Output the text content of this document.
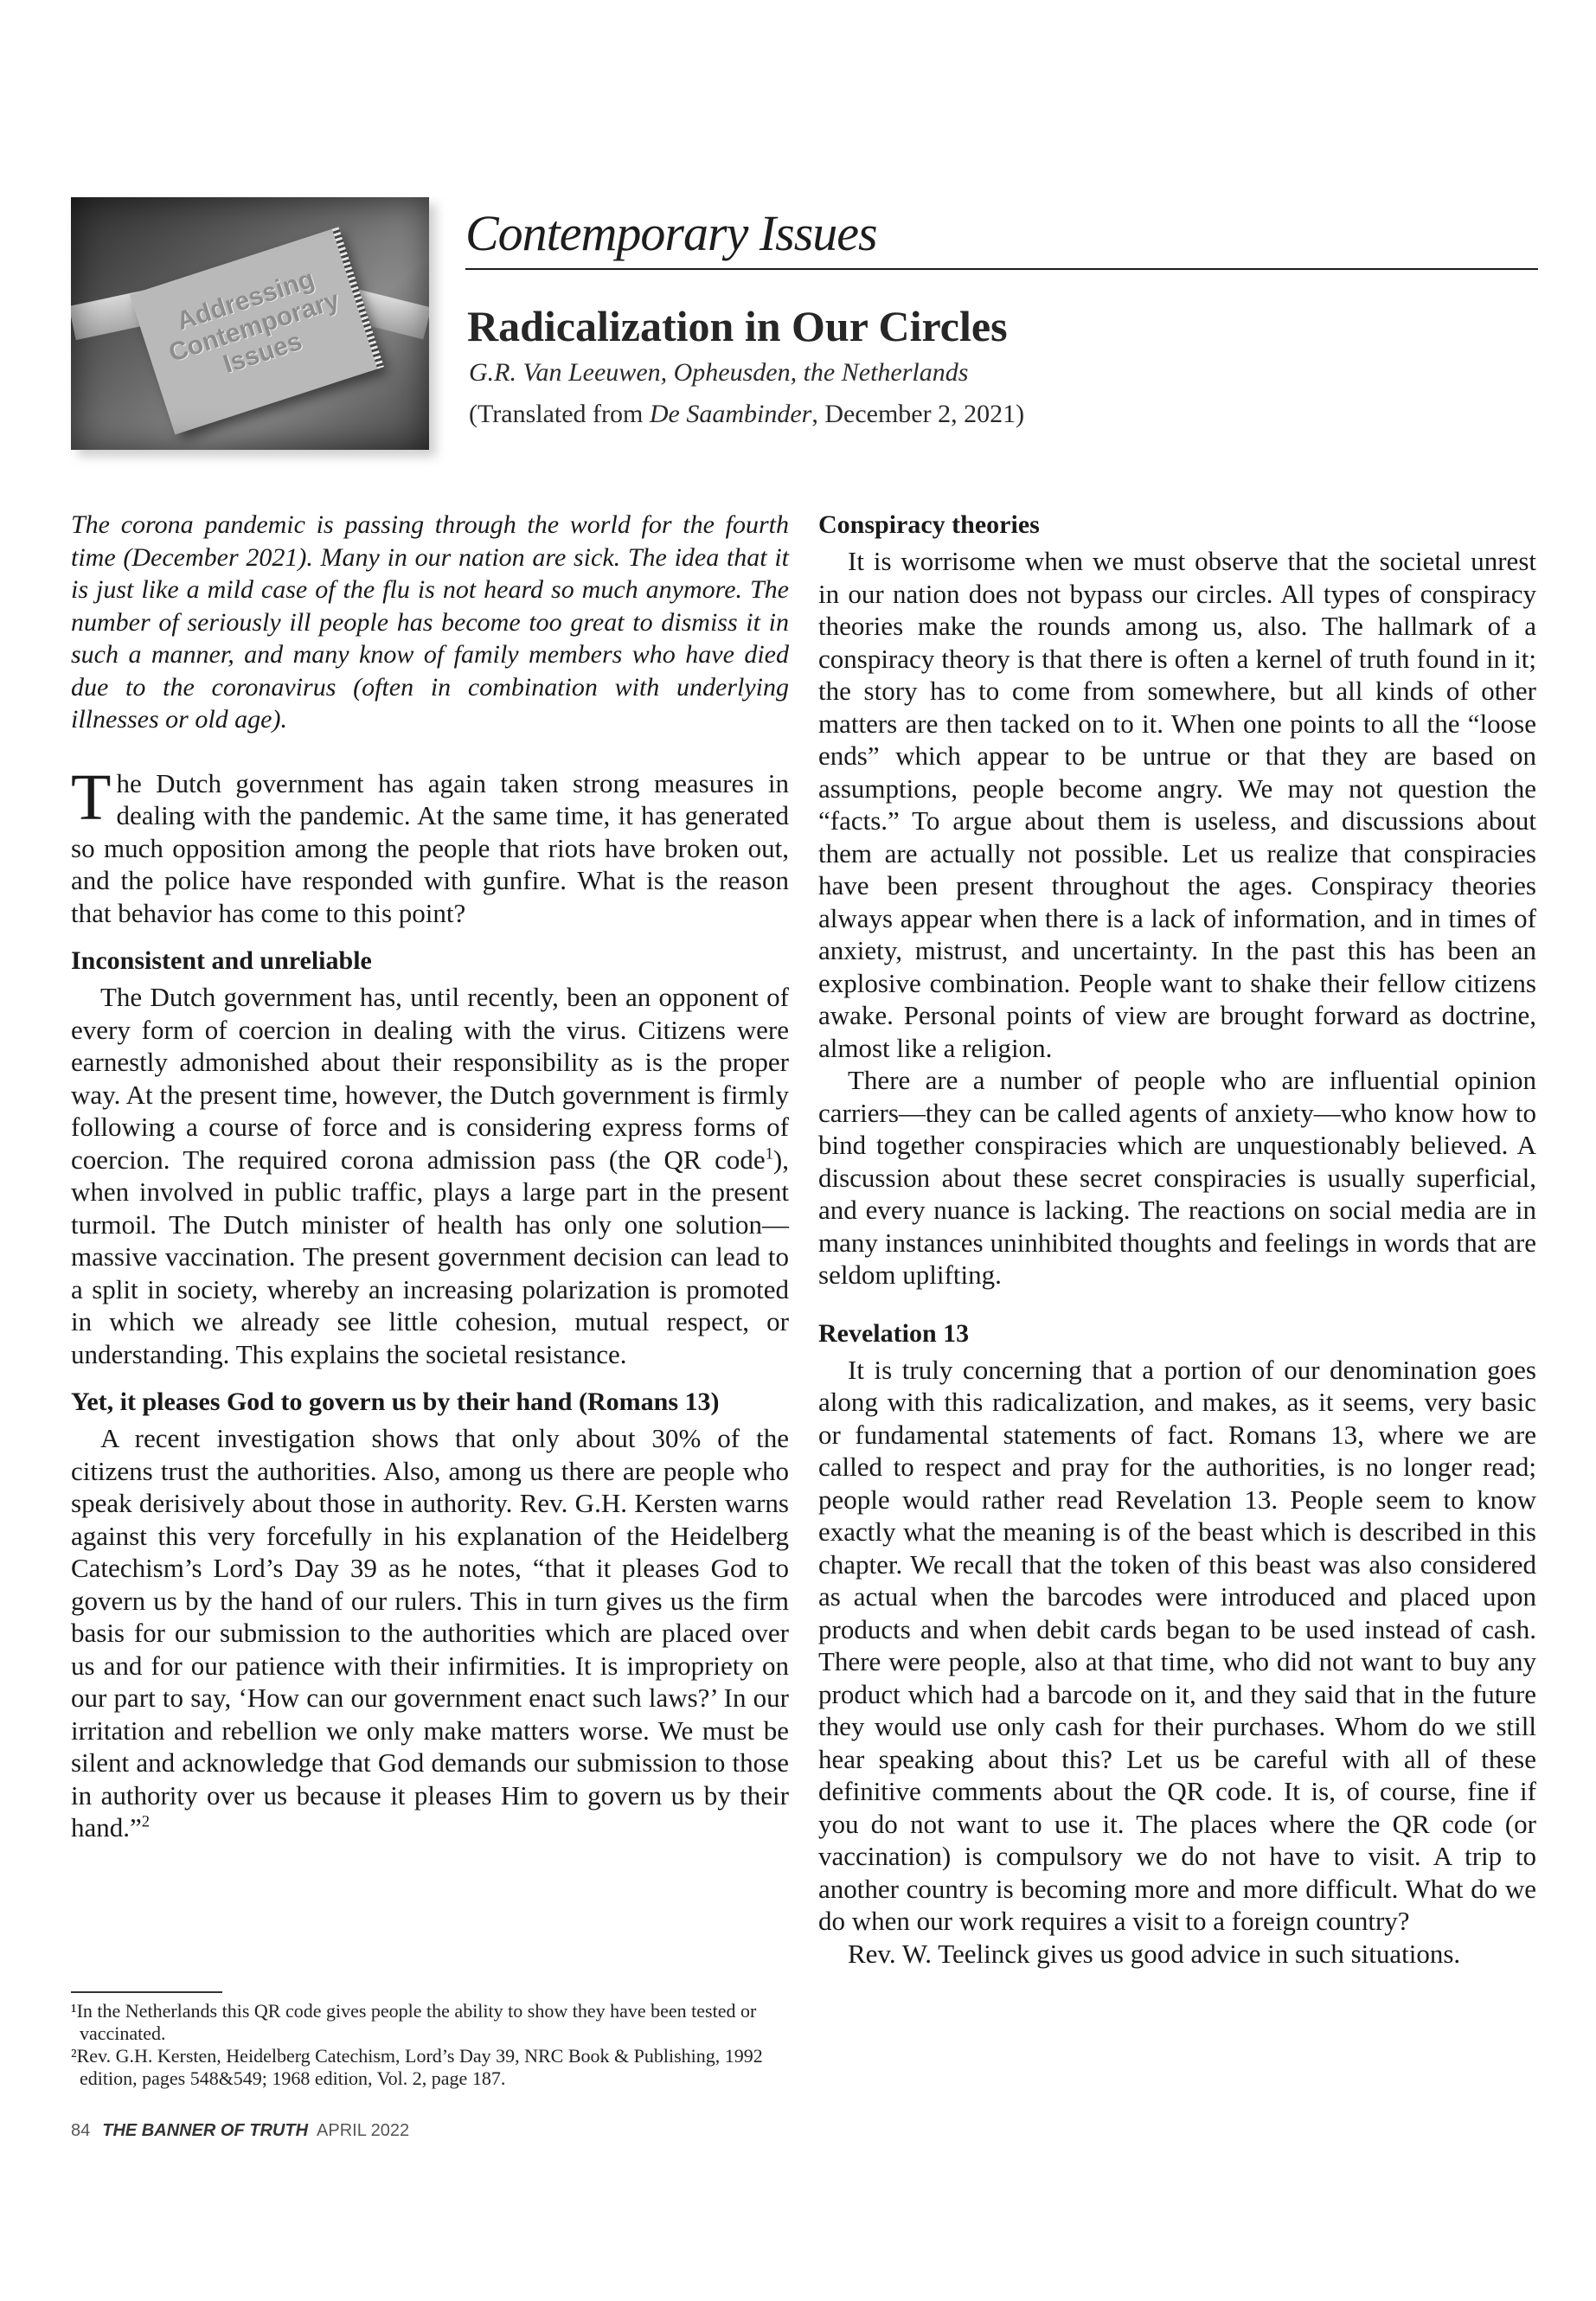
Addressing Contemporary Issues
Contemporary Issues
Radicalization in Our Circles
G.R. Van Leeuwen, Opheusden, the Netherlands
(Translated from De Saambinder, December 2, 2021)

The corona pandemic is passing through the world for the fourth time (December 2021). Many in our nation are sick. The idea that it is just like a mild case of the flu is not heard so much anymore. The number of seriously ill people has become too great to dismiss it in such a manner, and many know of family members who have died due to the coronavirus (often in combination with underlying illnesses or old age).

The Dutch government has again taken strong measures in dealing with the pandemic. At the same time, it has generated so much opposition among the people that riots have broken out, and the police have responded with gunfire. What is the reason that behavior has come to this point?

Inconsistent and unreliable

The Dutch government has, until recently, been an opponent of every form of coercion in dealing with the virus. Citizens were earnestly admonished about their responsibility as is the proper way. At the present time, however, the Dutch government is firmly following a course of force and is considering express forms of coercion. The required corona admission pass (the QR code$^1$), when involved in public traffic, plays a large part in the present turmoil. The Dutch minister of health has only one solution—massive vaccination. The present government decision can lead to a split in society, whereby an increasing polarization is promoted in which we already see little cohesion, mutual respect, or understanding. This explains the societal resistance.

Yet, it pleases God to govern us by their hand (Romans 13)

A recent investigation shows that only about 30% of the citizens trust the authorities. Also, among us there are people who speak derisively about those in authority. Rev. G.H. Kersten warns against this very forcefully in his explanation of the Heidelberg Catechism’s Lord’s Day 39 as he notes, “that it pleases God to govern us by the hand of our rulers. This in turn gives us the firm basis for our submission to the authorities which are placed over us and for our patience with their infirmities. It is impropriety on our part to say, ‘How can our government enact such laws?’ In our irritation and rebellion we only make matters worse. We must be silent and acknowledge that God demands our submission to those in authority over us because it pleases Him to govern us by their hand.”$^2$

¹In the Netherlands this QR code gives people the ability to show they have been tested or vaccinated.

²Rev. G.H. Kersten, Heidelberg Catechism, Lord’s Day 39, NRC Book & Publishing, 1992 edition, pages 548&549; 1968 edition, Vol. 2, page 187.

Conspiracy theories

It is worrisome when we must observe that the societal unrest in our nation does not bypass our circles. All types of conspiracy theories make the rounds among us, also. The hallmark of a conspiracy theory is that there is often a kernel of truth found in it; the story has to come from somewhere, but all kinds of other matters are then tacked on to it. When one points to all the “loose ends” which appear to be untrue or that they are based on assumptions, people become angry. We may not question the “facts.” To argue about them is useless, and discussions about them are actually not possible. Let us realize that conspiracies have been present throughout the ages. Conspiracy theories always appear when there is a lack of information, and in times of anxiety, mistrust, and uncertainty. In the past this has been an explosive combination. People want to shake their fellow citizens awake. Personal points of view are brought forward as doctrine, almost like a religion.

There are a number of people who are influential opinion carriers—they can be called agents of anxiety—who know how to bind together conspiracies which are unquestionably believed. A discussion about these secret conspiracies is usually superficial, and every nuance is lacking. The reactions on social media are in many instances uninhibited thoughts and feelings in words that are seldom uplifting.

Revelation 13

It is truly concerning that a portion of our denomination goes along with this radicalization, and makes, as it seems, very basic or fundamental statements of fact. Romans 13, where we are called to respect and pray for the authorities, is no longer read; people would rather read Revelation 13. People seem to know exactly what the meaning is of the beast which is described in this chapter. We recall that the token of this beast was also considered as actual when the barcodes were introduced and placed upon products and when debit cards began to be used instead of cash. There were people, also at that time, who did not want to buy any product which had a barcode on it, and they said that in the future they would use only cash for their purchases. Whom do we still hear speaking about this? Let us be careful with all of these definitive comments about the QR code. It is, of course, fine if you do not want to use it. The places where the QR code (or vaccination) is compulsory we do not have to visit. A trip to another country is becoming more and more difficult. What do we do when our work requires a visit to a foreign country?

Rev. W. Teelinck gives us good advice in such situations.

84 THE BANNER OF TRUTH APRIL 2022
